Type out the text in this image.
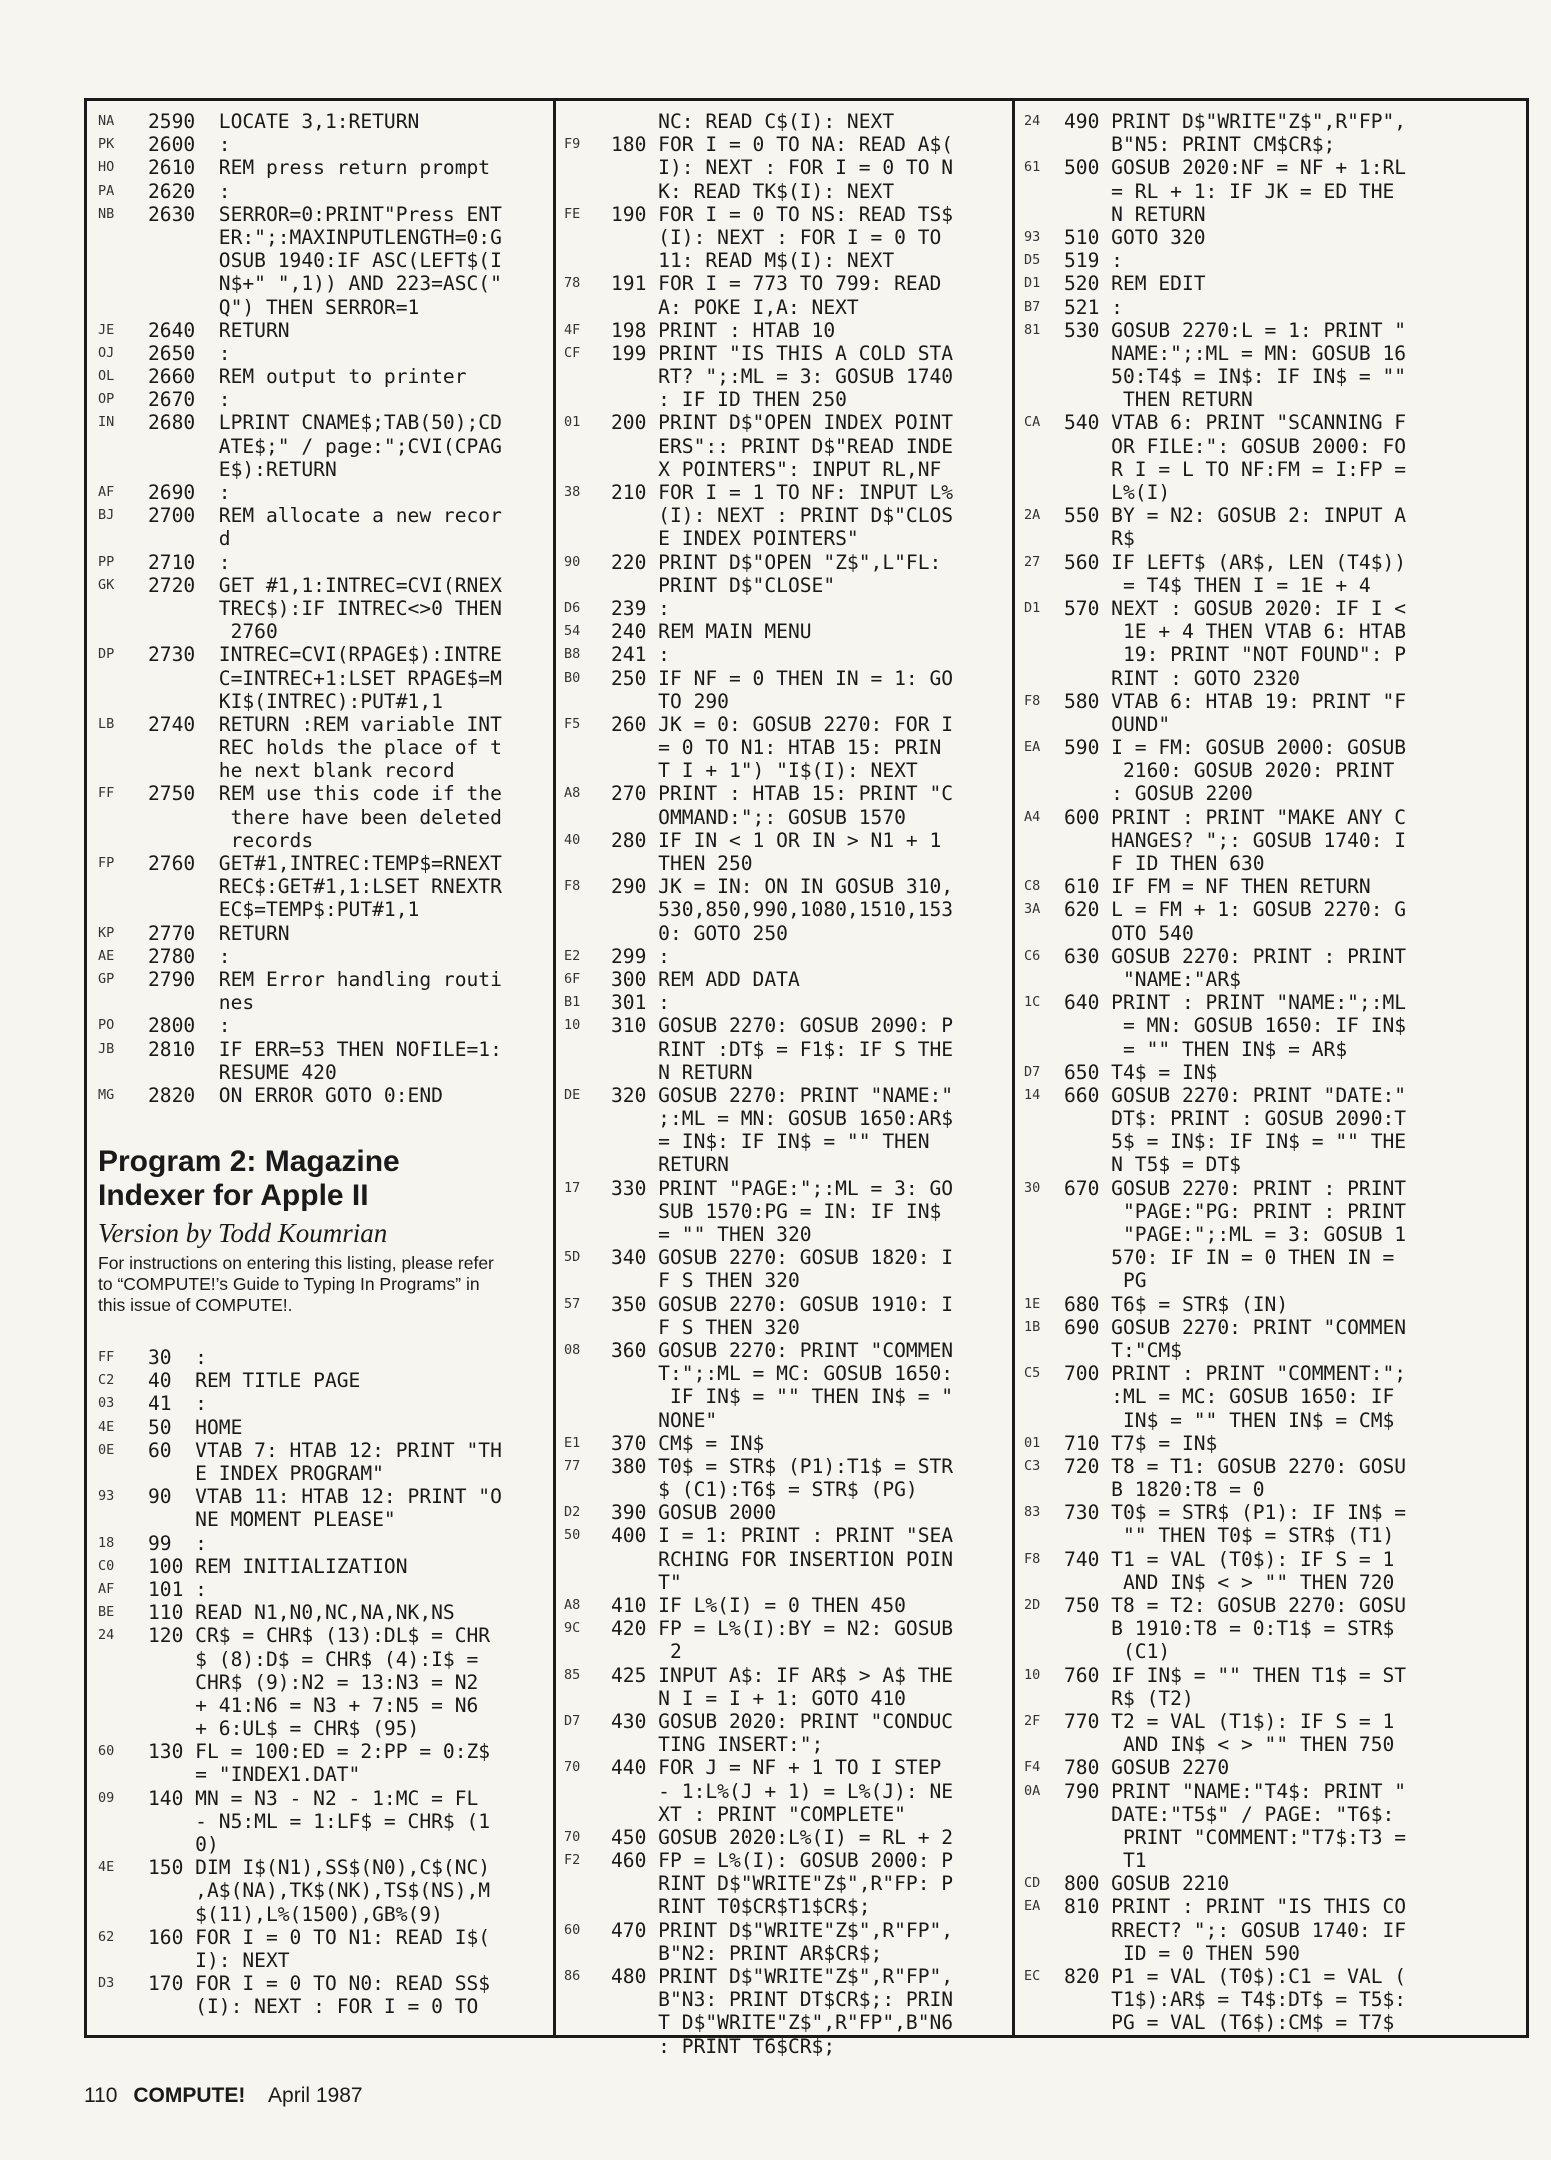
NA 2590  LOCATE 3,1:RETURN
PK 2600  :
HO 2610  REM press return prompt
PA 2620  :
NB 2630  SERROR=0:PRINT"Press ENT
ER:";:MAXINPUTLENGTH=0:G
OSUB 1940:IF ASC(LEFT$(I
N$+" ",1)) AND 223=ASC("
Q") THEN SERROR=1
JE 2640  RETURN
OJ 2650  :
OL 2660  REM output to printer
OP 2670  :
IN 2680  LPRINT CNAME$;TAB(50);CD
ATE$;" / page:";CVI(CPAG
E$):RETURN
AF 2690  :
BJ 2700  REM allocate a new recor
d
PP 2710  :
GK 2720  GET #1,1:INTREC=CVI(RNEX
TREC$):IF INTREC<>0 THEN
2760
DP 2730  INTREC=CVI(RPAGE$):INTRE
C=INTREC+1:LSET RPAGE$=M
KI$(INTREC):PUT#1,1
LB 2740  RETURN :REM variable INT
REC holds the place of t
he next blank record
FF 2750  REM use this code if the
there have been deleted
records
FP 2760  GET#1,INTREC:TEMP$=RNEXT
REC$:GET#1,1:LSET RNEXTR
EC$=TEMP$:PUT#1,1
KP 2770  RETURN
AE 2780  :
GP 2790  REM Error handling routi
nes
PO 2800  :
JB 2810  IF ERR=53 THEN NOFILE=1:
RESUME 420
MG 2820  ON ERROR GOTO 0:END
Program 2: Magazine
Indexer for Apple II
Version by Todd Koumrian
For instructions on entering this listing, please refer to “COMPUTE!’s Guide to Typing In Programs” in this issue of COMPUTE!.
FF 30  :
C2 40  REM TITLE PAGE
03 41  :
4E 50  HOME
0E 60  VTAB 7: HTAB 12: PRINT "TH
E INDEX PROGRAM"
93 90  VTAB 11: HTAB 12: PRINT "O
NE MOMENT PLEASE"
18 99  :
C0 100 REM INITIALIZATION
AF 101 :
BE 110 READ N1,N0,NC,NA,NK,NS
24 120 CR$ = CHR$ (13):DL$ = CHR
$ (8):D$ = CHR$ (4):I$ =
CHR$ (9):N2 = 13:N3 = N2
+ 41:N6 = N3 + 7:N5 = N6
+ 6:UL$ = CHR$ (95)
60 130 FL = 100:ED = 2:PP = 0:Z$
= "INDEX1.DAT"
09 140 MN = N3 - N2 - 1:MC = FL
- N5:ML = 1:LF$ = CHR$ (1
0)
4E 150 DIM I$(N1),SS$(N0),C$(NC)
,A$(NA),TK$(NK),TS$(NS),M
$(11),L%(1500),GB%(9)
62 160 FOR I = 0 TO N1: READ I$(
I): NEXT
D3 170 FOR I = 0 TO N0: READ SS$
(I): NEXT : FOR I = 0 TO
NC: READ C$(I): NEXT
F9 180 FOR I = 0 TO NA: READ A$(
I): NEXT : FOR I = 0 TO N
K: READ TK$(I): NEXT
FE 190 FOR I = 0 TO NS: READ TS$
(I): NEXT : FOR I = 0 TO
11: READ M$(I): NEXT
78 191 FOR I = 773 TO 799: READ
A: POKE I,A: NEXT
4F 198 PRINT : HTAB 10
CF 199 PRINT "IS THIS A COLD STA
RT? ";:ML = 3: GOSUB 1740
: IF ID THEN 250
01 200 PRINT D$"OPEN INDEX POINT
ERS":: PRINT D$"READ INDE
X POINTERS": INPUT RL,NF
38 210 FOR I = 1 TO NF: INPUT L%
(I): NEXT : PRINT D$"CLOS
E INDEX POINTERS"
90 220 PRINT D$"OPEN "Z$",L"FL:
PRINT D$"CLOSE"
D6 239 :
54 240 REM MAIN MENU
B8 241 :
B0 250 IF NF = 0 THEN IN = 1: GO
TO 290
F5 260 JK = 0: GOSUB 2270: FOR I
= 0 TO N1: HTAB 15: PRIN
T I + 1") "I$(I): NEXT
A8 270 PRINT : HTAB 15: PRINT "C
OMMAND:";: GOSUB 1570
40 280 IF IN < 1 OR IN > N1 + 1
THEN 250
F8 290 JK = IN: ON IN GOSUB 310,
530,850,990,1080,1510,153
0: GOTO 250
E2 299 :
6F 300 REM ADD DATA
B1 301 :
10 310 GOSUB 2270: GOSUB 2090: P
RINT :DT$ = F1$: IF S THE
N RETURN
DE 320 GOSUB 2270: PRINT "NAME:"
;:ML = MN: GOSUB 1650:AR$
= IN$: IF IN$ = "" THEN
RETURN
17 330 PRINT "PAGE:";:ML = 3: GO
SUB 1570:PG = IN: IF IN$
= "" THEN 320
5D 340 GOSUB 2270: GOSUB 1820: I
F S THEN 320
57 350 GOSUB 2270: GOSUB 1910: I
F S THEN 320
08 360 GOSUB 2270: PRINT "COMMEN
T:";:ML = MC: GOSUB 1650:
IF IN$ = "" THEN IN$ = "
NONE"
E1 370 CM$ = IN$
77 380 T0$ = STR$ (P1):T1$ = STR
$ (C1):T6$ = STR$ (PG)
D2 390 GOSUB 2000
50 400 I = 1: PRINT : PRINT "SEA
RCHING FOR INSERTION POIN
T"
A8 410 IF L%(I) = 0 THEN 450
9C 420 FP = L%(I):BY = N2: GOSUB
2
85 425 INPUT A$: IF AR$ > A$ THE
N I = I + 1: GOTO 410
D7 430 GOSUB 2020: PRINT "CONDUC
TING INSERT:";
70 440 FOR J = NF + 1 TO I STEP
- 1:L%(J + 1) = L%(J): NE
XT : PRINT "COMPLETE"
70 450 GOSUB 2020:L%(I) = RL + 2
F2 460 FP = L%(I): GOSUB 2000: P
RINT D$"WRITE"Z$",R"FP: P
RINT T0$CR$T1$CR$;
60 470 PRINT D$"WRITE"Z$",R"FP",
B"N2: PRINT AR$CR$;
86 480 PRINT D$"WRITE"Z$",R"FP",
B"N3: PRINT DT$CR$;: PRIN
T D$"WRITE"Z$",R"FP",B"N6
: PRINT T6$CR$;
24 490 PRINT D$"WRITE"Z$",R"FP",
B"N5: PRINT CM$CR$;
61 500 GOSUB 2020:NF = NF + 1:RL
= RL + 1: IF JK = ED THE
N RETURN
93 510 GOTO 320
D5 519 :
D1 520 REM EDIT
B7 521 :
81 530 GOSUB 2270:L = 1: PRINT "
NAME:";:ML = MN: GOSUB 16
50:T4$ = IN$: IF IN$ = ""
THEN RETURN
CA 540 VTAB 6: PRINT "SCANNING F
OR FILE:": GOSUB 2000: FO
R I = L TO NF:FM = I:FP =
L%(I)
2A 550 BY = N2: GOSUB 2: INPUT A
R$
27 560 IF LEFT$ (AR$, LEN (T4$))
= T4$ THEN I = 1E + 4
D1 570 NEXT : GOSUB 2020: IF I <
1E + 4 THEN VTAB 6: HTAB
19: PRINT "NOT FOUND": P
RINT : GOTO 2320
F8 580 VTAB 6: HTAB 19: PRINT "F
OUND"
EA 590 I = FM: GOSUB 2000: GOSUB
2160: GOSUB 2020: PRINT
: GOSUB 2200
A4 600 PRINT : PRINT "MAKE ANY C
HANGES? ";: GOSUB 1740: I
F ID THEN 630
C8 610 IF FM = NF THEN RETURN
3A 620 L = FM + 1: GOSUB 2270: G
OTO 540
C6 630 GOSUB 2270: PRINT : PRINT
"NAME:"AR$
1C 640 PRINT : PRINT "NAME:";:ML
= MN: GOSUB 1650: IF IN$
= "" THEN IN$ = AR$
D7 650 T4$ = IN$
14 660 GOSUB 2270: PRINT "DATE:"
DT$: PRINT : GOSUB 2090:T
5$ = IN$: IF IN$ = "" THE
N T5$ = DT$
30 670 GOSUB 2270: PRINT : PRINT
"PAGE:"PG: PRINT : PRINT
"PAGE:";:ML = 3: GOSUB 1
570: IF IN = 0 THEN IN =
PG
1E 680 T6$ = STR$ (IN)
1B 690 GOSUB 2270: PRINT "COMMEN
T:"CM$
C5 700 PRINT : PRINT "COMMENT:";
:ML = MC: GOSUB 1650: IF
IN$ = "" THEN IN$ = CM$
01 710 T7$ = IN$
C3 720 T8 = T1: GOSUB 2270: GOSU
B 1820:T8 = 0
83 730 T0$ = STR$ (P1): IF IN$ =
"" THEN T0$ = STR$ (T1)
F8 740 T1 = VAL (T0$): IF S = 1
AND IN$ < > "" THEN 720
2D 750 T8 = T2: GOSUB 2270: GOSU
B 1910:T8 = 0:T1$ = STR$
(C1)
10 760 IF IN$ = "" THEN T1$ = ST
R$ (T2)
2F 770 T2 = VAL (T1$): IF S = 1
AND IN$ < > "" THEN 750
F4 780 GOSUB 2270
0A 790 PRINT "NAME:"T4$: PRINT "
DATE:"T5$" / PAGE: "T6$:
PRINT "COMMENT:"T7$:T3 =
T1
CD 800 GOSUB 2210
EA 810 PRINT : PRINT "IS THIS CO
RRECT? ";: GOSUB 1740: IF
ID = 0 THEN 590
EC 820 P1 = VAL (T0$):C1 = VAL (
T1$):AR$ = T4$:DT$ = T5$:
PG = VAL (T6$):CM$ = T7$
110 COMPUTE! April 1987
